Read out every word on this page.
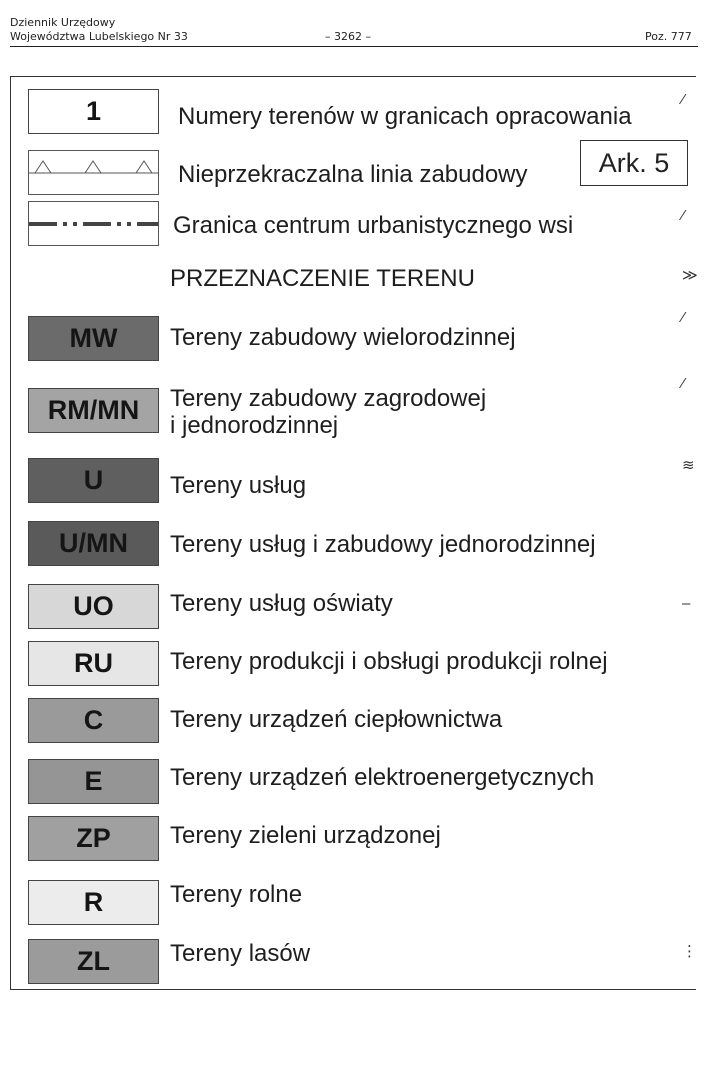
Dziennik Urzędowy
Województwa Lubelskiego Nr 33	– 3262 –	Poz. 777
⁄
⁄
≫
⁄
⁄
≋
–
⋮
Ark. 5
1	Numery terenów w granicach opracowania
Nieprzekraczalna linia zabudowy
Granica centrum urbanistycznego wsi
PRZEZNACZENIE TERENU
MW	Tereny zabudowy wielorodzinnej
RM/MN	Tereny zabudowy zagrodowej
i jednorodzinnej
U	Tereny usług
U/MN	Tereny usług i zabudowy jednorodzinnej
UO	Tereny usług oświaty
RU	Tereny produkcji i obsługi produkcji rolnej
C	Tereny urządzeń ciepłownictwa
E	Tereny urządzeń elektroenergetycznych
ZP	Tereny zieleni urządzonej
R	Tereny rolne
ZL	Tereny lasów
